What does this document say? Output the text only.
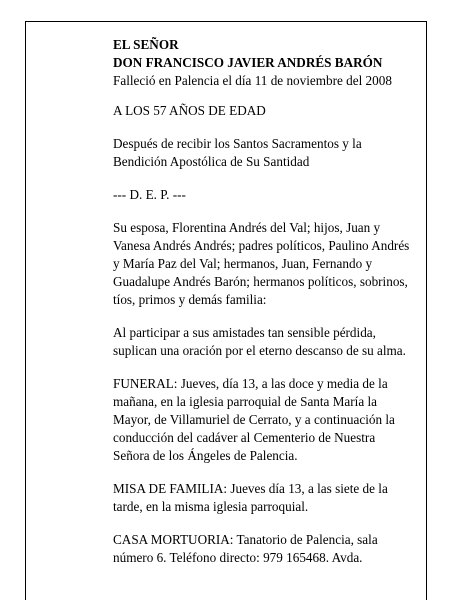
EL SEÑOR
DON FRANCISCO JAVIER ANDRÉS BARÓN
Falleció en Palencia el día 11 de noviembre del 2008

A LOS 57 AÑOS DE EDAD

Después de recibir los Santos Sacramentos y la Bendición Apostólica de Su Santidad

--- D. E. P. ---

Su esposa, Florentina Andrés del Val; hijos, Juan y Vanesa Andrés Andrés; padres políticos, Paulino Andrés y María Paz del Val; hermanos, Juan, Fernando y Guadalupe Andrés Barón; hermanos políticos, sobrinos, tíos, primos y demás familia:

Al participar a sus amistades tan sensible pérdida, suplican una oración por el eterno descanso de su alma.

FUNERAL: Jueves, día 13, a las doce y media de la mañana, en la iglesia parroquial de Santa María la Mayor, de Villamuriel de Cerrato, y a continuación la conducción del cadáver al Cementerio de Nuestra Señora de los Ángeles de Palencia.

MISA DE FAMILIA: Jueves día 13, a las siete de la tarde, en la misma iglesia parroquial.

CASA MORTUORIA: Tanatorio de Palencia, sala número 6. Teléfono directo: 979 165468. Avda.
